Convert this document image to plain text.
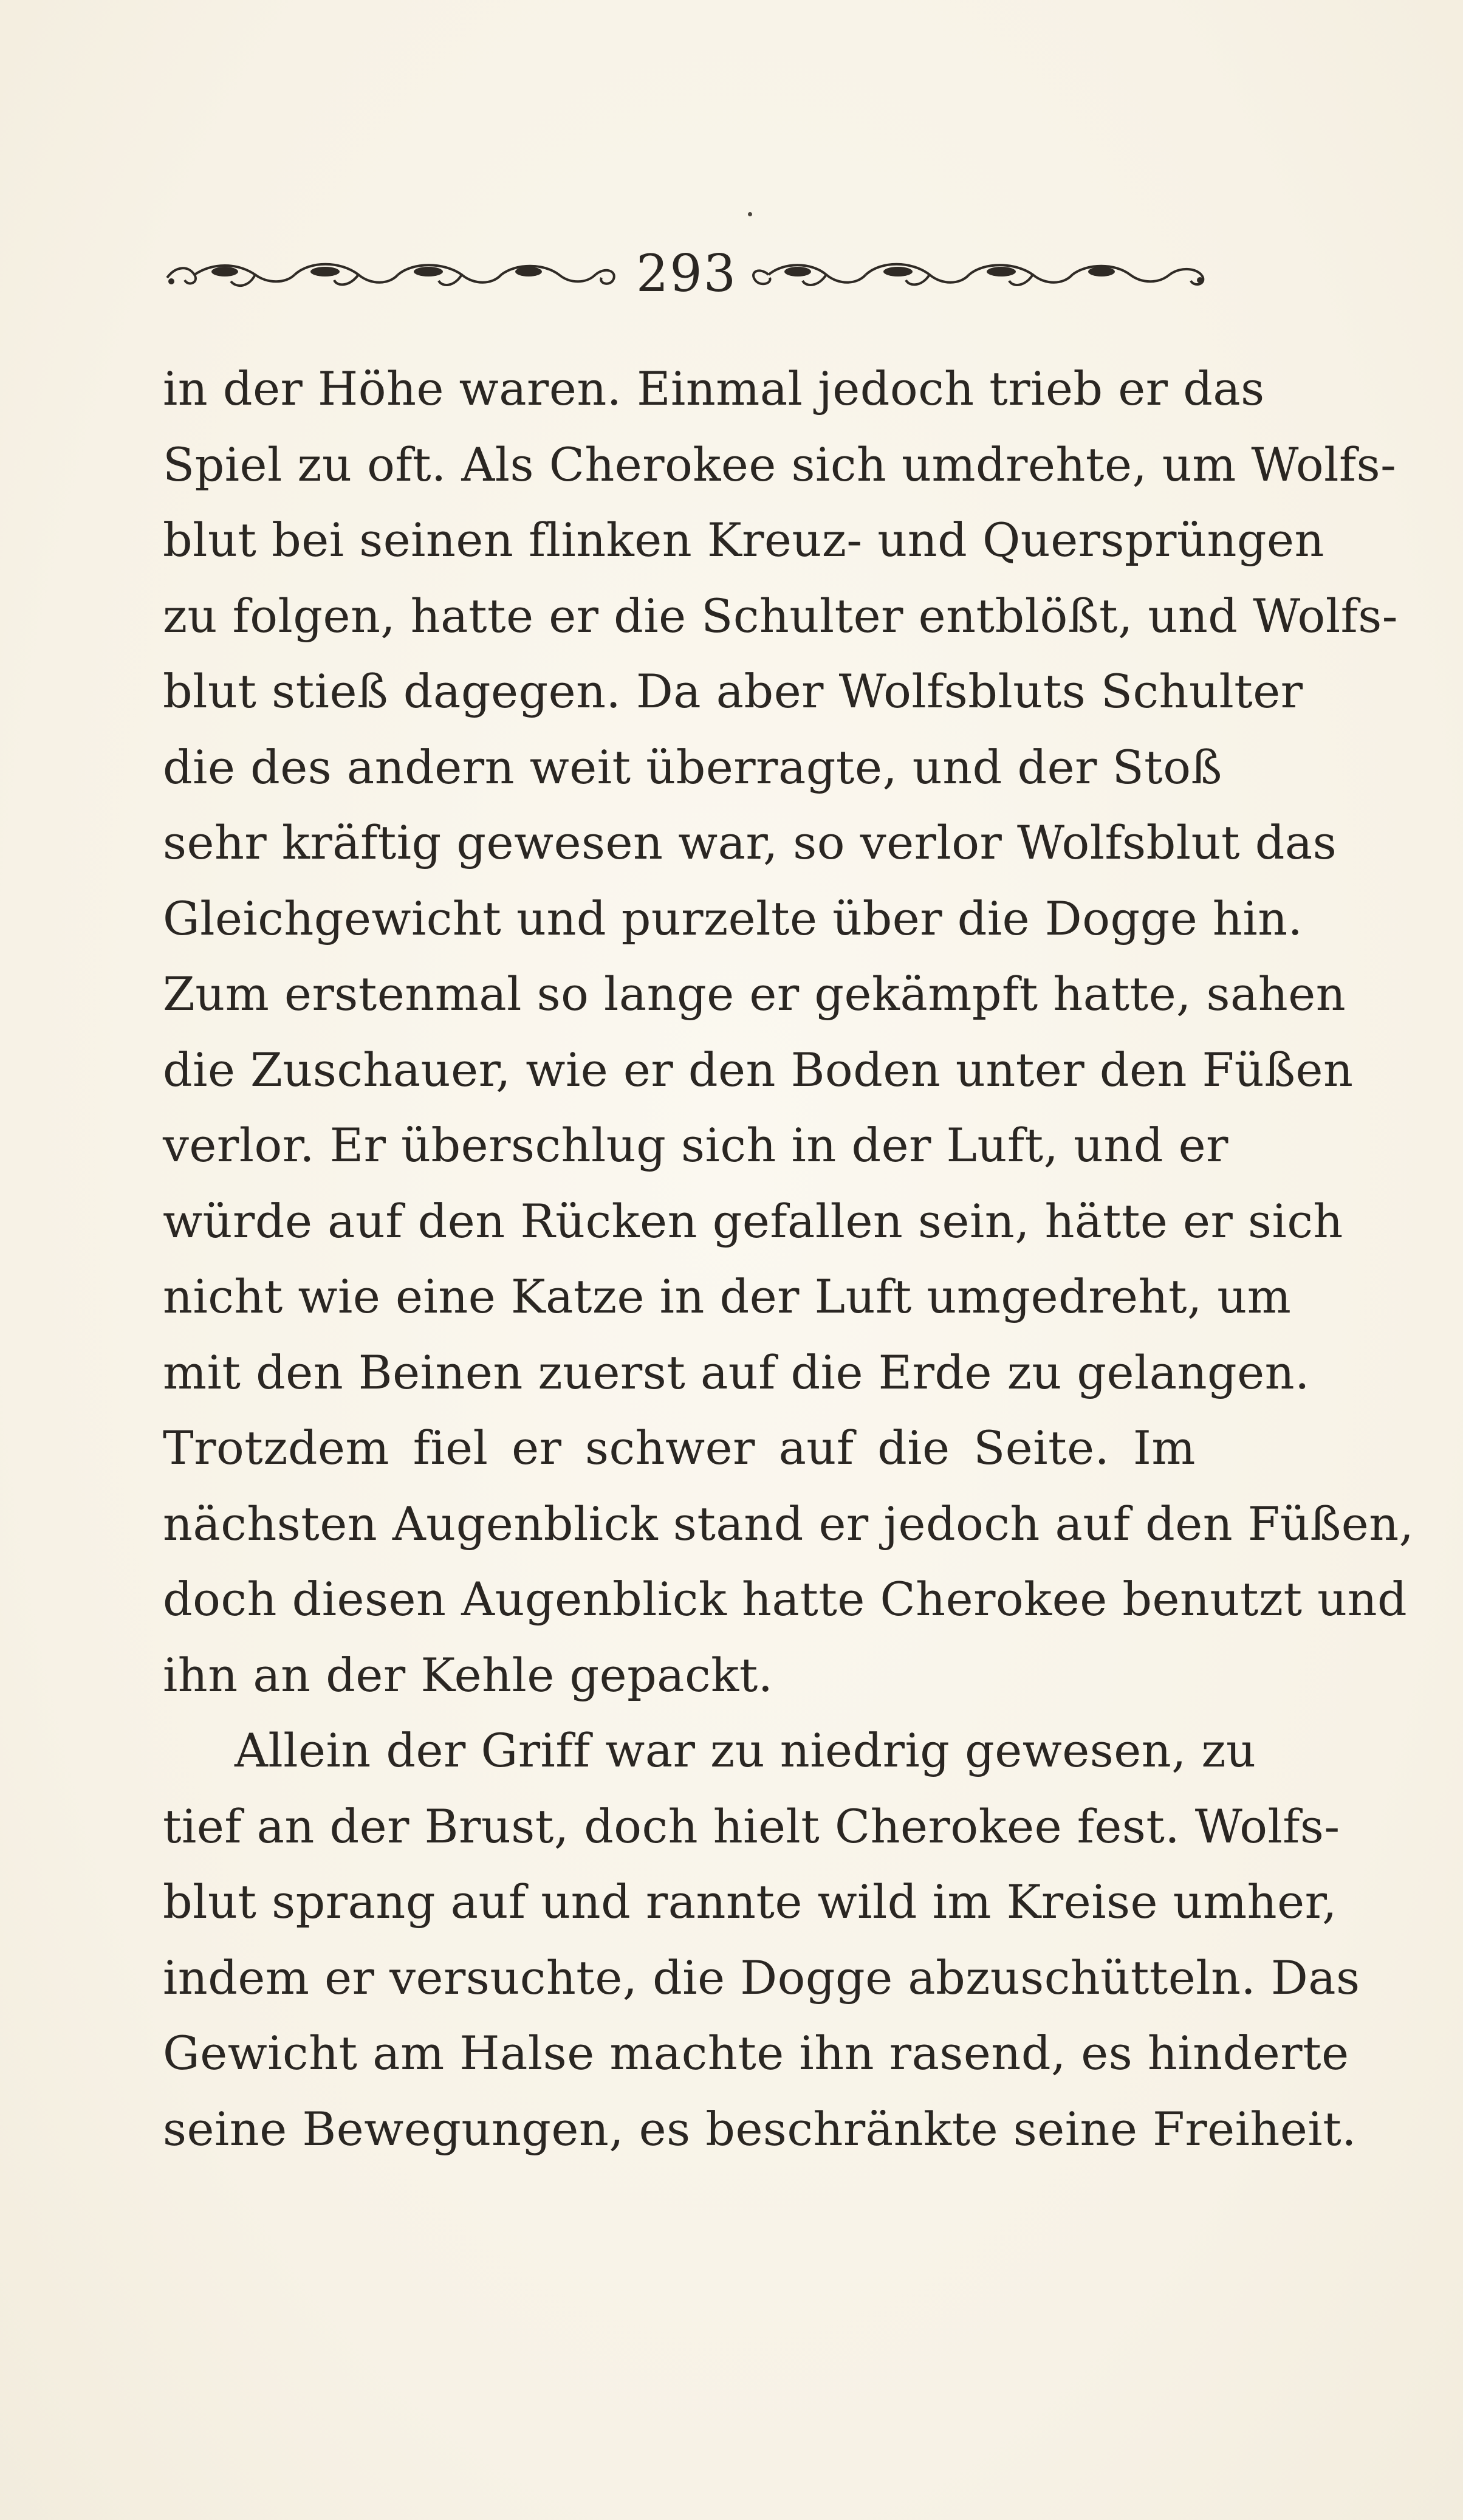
293
in der Höhe waren. Einmal jedoch trieb er das
Spiel zu oft. Als Cherokee sich umdrehte, um Wolfs-
blut bei seinen flinken Kreuz- und Quersprüngen
zu folgen, hatte er die Schulter entblößt, und Wolfs-
blut stieß dagegen. Da aber Wolfsbluts Schulter
die des andern weit überragte, und der Stoß
sehr kräftig gewesen war, so verlor Wolfsblut das
Gleichgewicht und purzelte über die Dogge hin.
Zum erstenmal so lange er gekämpft hatte, sahen
die Zuschauer, wie er den Boden unter den Füßen
verlor. Er überschlug sich in der Luft, und er
würde auf den Rücken gefallen sein, hätte er sich
nicht wie eine Katze in der Luft umgedreht, um
mit den Beinen zuerst auf die Erde zu gelangen.
Trotzdem fiel er schwer auf die Seite. Im
nächsten Augenblick stand er jedoch auf den Füßen,
doch diesen Augenblick hatte Cherokee benutzt und
ihn an der Kehle gepackt.
Allein der Griff war zu niedrig gewesen, zu
tief an der Brust, doch hielt Cherokee fest. Wolfs-
blut sprang auf und rannte wild im Kreise umher,
indem er versuchte, die Dogge abzuschütteln. Das
Gewicht am Halse machte ihn rasend, es hinderte
seine Bewegungen, es beschränkte seine Freiheit.
